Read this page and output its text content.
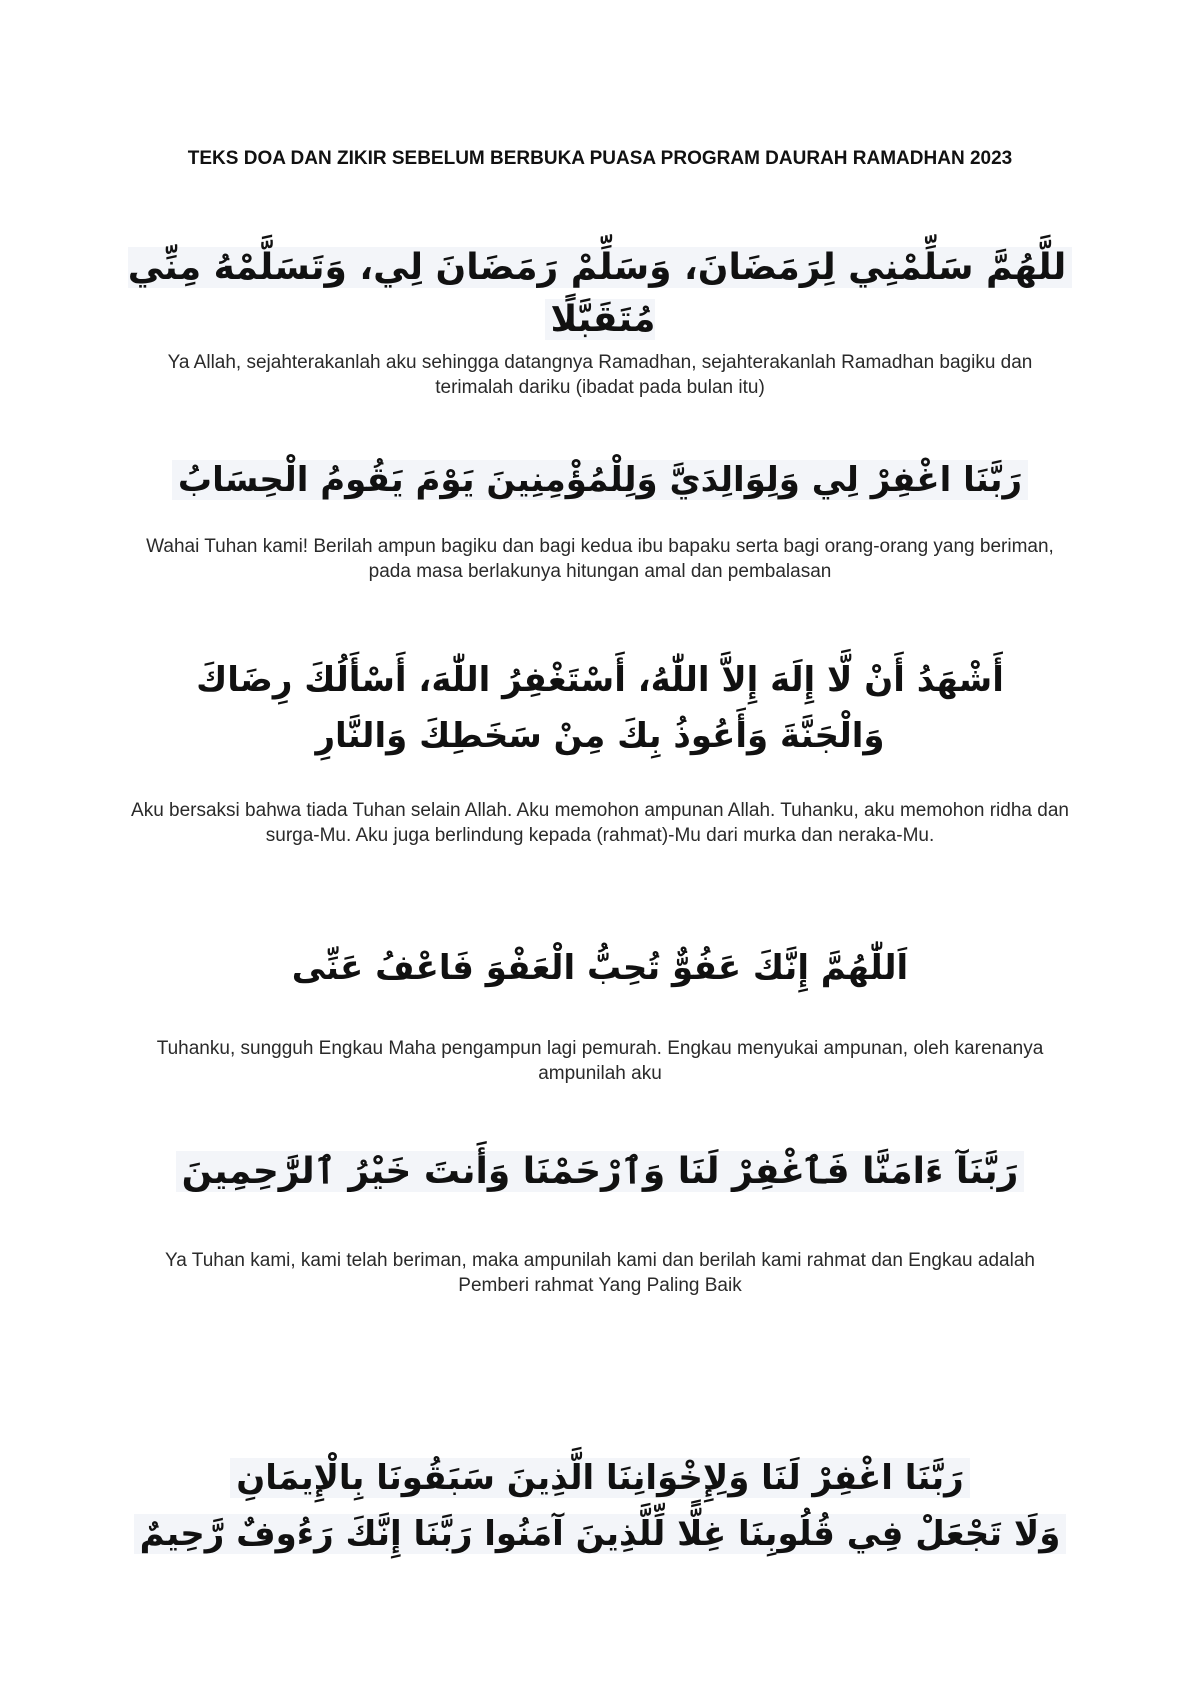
TEKS DOA DAN ZIKIR SEBELUM BERBUKA PUASA PROGRAM DAURAH RAMADHAN 2023
للَّهُمَّ سَلِّمْنِي لِرَمَضَانَ، وَسَلِّمْ رَمَضَانَ لِي، وَتَسَلَّمْهُ مِنِّي مُتَقَبَّلًا
Ya Allah, sejahterakanlah aku sehingga datangnya Ramadhan, sejahterakanlah Ramadhan bagiku dan terimalah dariku (ibadat pada bulan itu)
رَبَّنَا اغْفِرْ لِي وَلِوَالِدَيَّ وَلِلْمُؤْمِنِينَ يَوْمَ يَقُومُ الْحِسَابُ
Wahai Tuhan kami! Berilah ampun bagiku dan bagi kedua ibu bapaku serta bagi orang-orang yang beriman, pada masa berlakunya hitungan amal dan pembalasan
أَشْهَدُ أَنْ لَّا إِلَهَ إِلاَّ اللّٰهُ، أَسْتَغْفِرُ اللّٰهَ، أَسْأَلُكَ رِضَاكَ وَالْجَنَّةَ وَأَعُوذُ بِكَ مِنْ سَخَطِكَ وَالنَّارِ
Aku bersaksi bahwa tiada Tuhan selain Allah. Aku memohon ampunan Allah. Tuhanku, aku memohon ridha dan surga-Mu. Aku juga berlindung kepada (rahmat)-Mu dari murka dan neraka-Mu.
اَللّٰهُمَّ إِنَّكَ عَفُوٌّ تُحِبُّ الْعَفْوَ فَاعْفُ عَنِّى
Tuhanku, sungguh Engkau Maha pengampun lagi pemurah. Engkau menyukai ampunan, oleh karenanya ampunilah aku
رَبَّنَآ ءَامَنَّا فَٱغْفِرْ لَنَا وَٱرْحَمْنَا وَأَنتَ خَيْرُ ٱلرَّٰحِمِينَ
Ya Tuhan kami, kami telah beriman, maka ampunilah kami dan berilah kami rahmat dan Engkau adalah Pemberi rahmat Yang Paling Baik
رَبَّنَا اغْفِرْ لَنَا وَلِإِخْوَانِنَا الَّذِينَ سَبَقُونَا بِالْإِيمَانِ
وَلَا تَجْعَلْ فِي قُلُوبِنَا غِلًّا لِّلَّذِينَ آمَنُوا رَبَّنَا إِنَّكَ رَءُوفٌ رَّحِيمٌ
